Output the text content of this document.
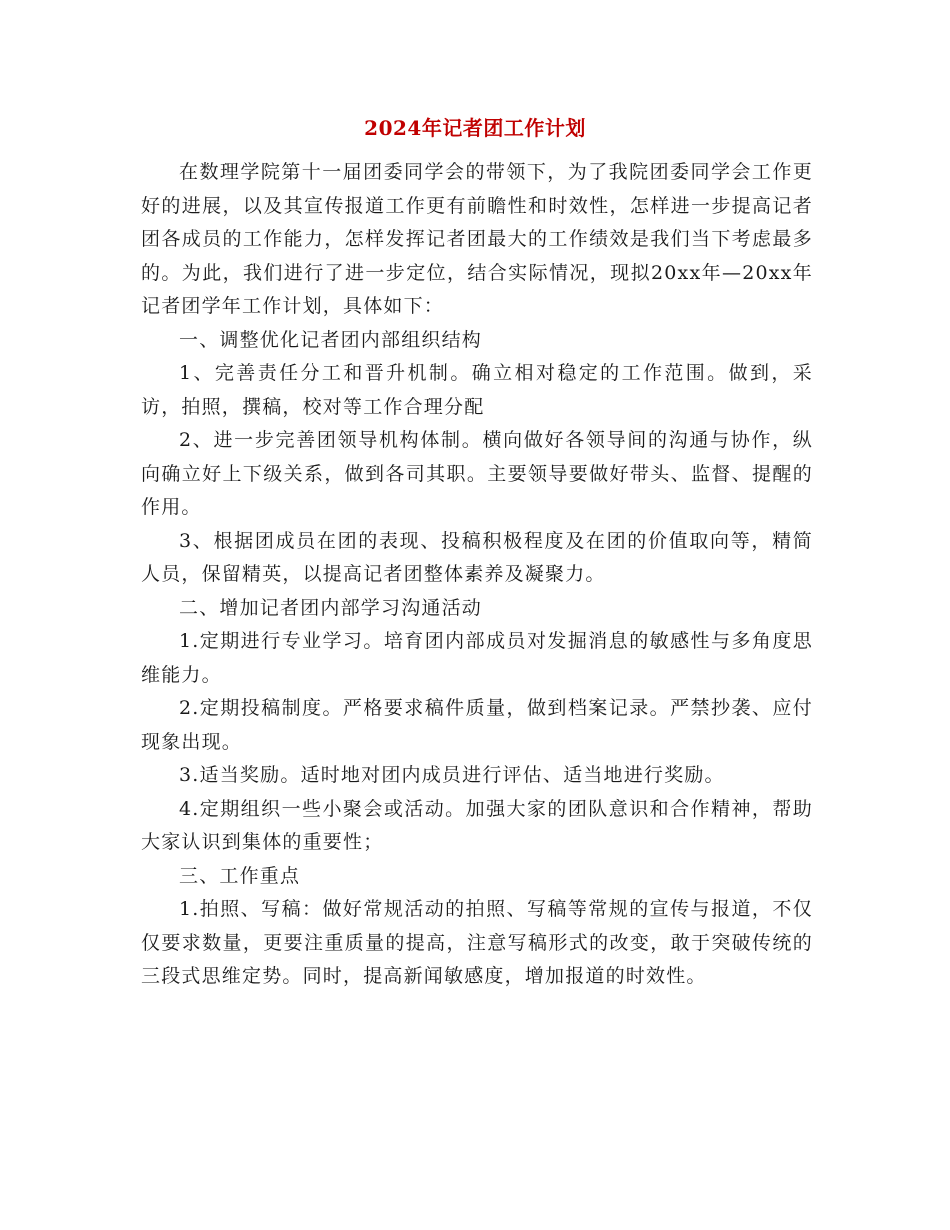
2024年记者团工作计划

在数理学院第十一届团委同学会的带领下，为了我院团委同学会工作更好的进展，以及其宣传报道工作更有前瞻性和时效性，怎样进一步提高记者团各成员的工作能力，怎样发挥记者团最大的工作绩效是我们当下考虑最多的。为此，我们进行了进一步定位，结合实际情况，现拟20xx年—20xx年记者团学年工作计划，具体如下：

一、调整优化记者团内部组织结构

1、完善责任分工和晋升机制。确立相对稳定的工作范围。做到，采访，拍照，撰稿，校对等工作合理分配

2、进一步完善团领导机构体制。横向做好各领导间的沟通与协作，纵向确立好上下级关系，做到各司其职。主要领导要做好带头、监督、提醒的作用。

3、根据团成员在团的表现、投稿积极程度及在团的价值取向等，精简人员，保留精英，以提高记者团整体素养及凝聚力。

二、增加记者团内部学习沟通活动

1.定期进行专业学习。培育团内部成员对发掘消息的敏感性与多角度思维能力。

2.定期投稿制度。严格要求稿件质量，做到档案记录。严禁抄袭、应付现象出现。

3.适当奖励。适时地对团内成员进行评估、适当地进行奖励。

4.定期组织一些小聚会或活动。加强大家的团队意识和合作精神，帮助大家认识到集体的重要性；

三、工作重点

1.拍照、写稿：做好常规活动的拍照、写稿等常规的宣传与报道，不仅仅要求数量，更要注重质量的提高，注意写稿形式的改变，敢于突破传统的三段式思维定势。同时，提高新闻敏感度，增加报道的时效性。
